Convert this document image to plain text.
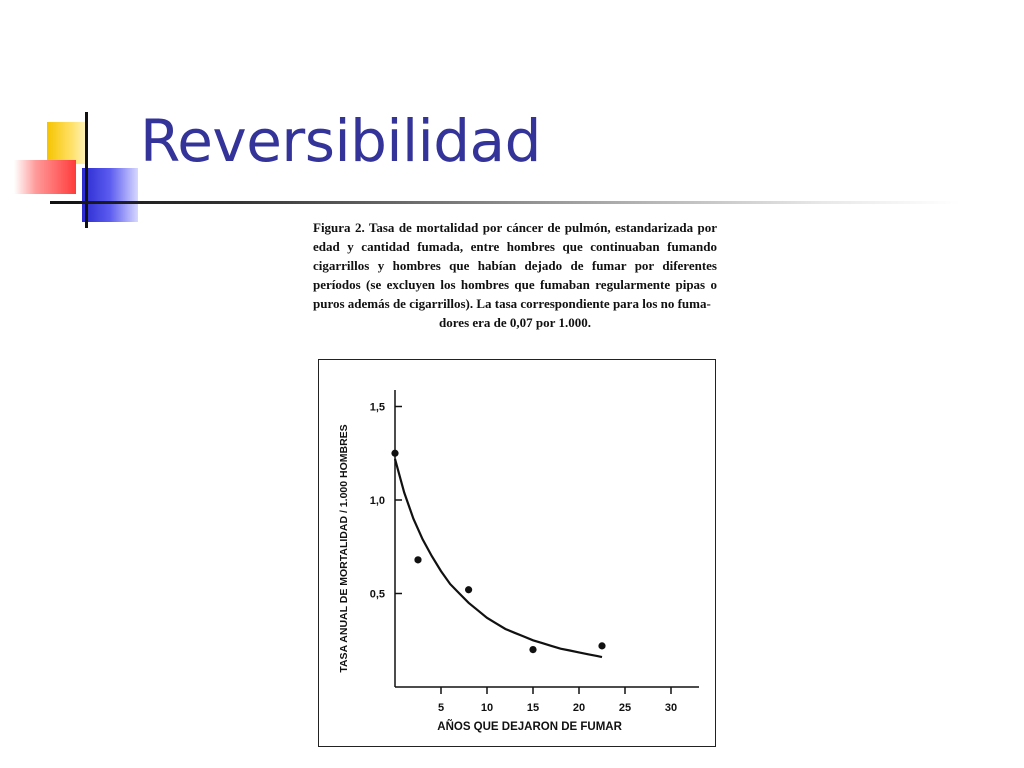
Reversibilidad
Figura 2. Tasa de mortalidad por cáncer de pulmón, estandarizada por edad y cantidad fumada, entre hombres que continuaban fumando cigarrillos y hombres que habían dejado de fumar por diferentes períodos (se excluyen los hombres que fumaban regularmente pipas o puros además de cigarrillos). La tasa correspondiente para los no fuma-
dores era de 0,07 por 1.000.
5	10	15	20	25	30
0,5
1,0
1,5
AÑOS QUE DEJARON DE FUMAR
TASA ANUAL DE MORTALIDAD / 1.000 HOMBRES
